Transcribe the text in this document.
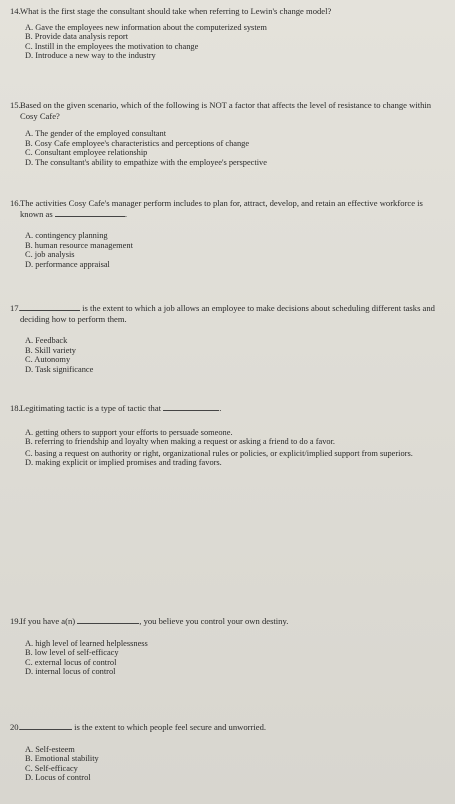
14. What is the first stage the consultant should take when referring to Lewin's change model?
A. Gave the employees new information about the computerized system
B. Provide data analysis report
C. Instill in the employees the motivation to change
D. Introduce a new way to the industry
15. Based on the given scenario, which of the following is NOT a factor that affects the level of resistance to change within Cosy Cafe?
A. The gender of the employed consultant
B. Cosy Cafe employee's characteristics and perceptions of change
C. Consultant employee relationship
D. The consultant's ability to empathize with the employee's perspective
16. The activities Cosy Cafe's manager perform includes to plan for, attract, develop, and retain an effective workforce is known as	.
A. contingency planning
B. human resource management
C. job analysis
D. performance appraisal
17.	is the extent to which a job allows an employee to make decisions about scheduling different tasks and deciding how to perform them.
A. Feedback
B. Skill variety
C. Autonomy
D. Task significance
18. Legitimating tactic is a type of tactic that	.
A. getting others to support your efforts to persuade someone.
B. referring to friendship and loyalty when making a request or asking a friend to do a favor.
C. basing a request on authority or right, organizational rules or policies, or explicit/implied support from superiors.
D. making explicit or implied promises and trading favors.
19. If you have a(n)	, you believe you control your own destiny.
A. high level of learned helplessness
B. low level of self-efficacy
C. external locus of control
D. internal locus of control
20.	is the extent to which people feel secure and unworried.
A. Self-esteem
B. Emotional stability
C. Self-efficacy
D. Locus of control
